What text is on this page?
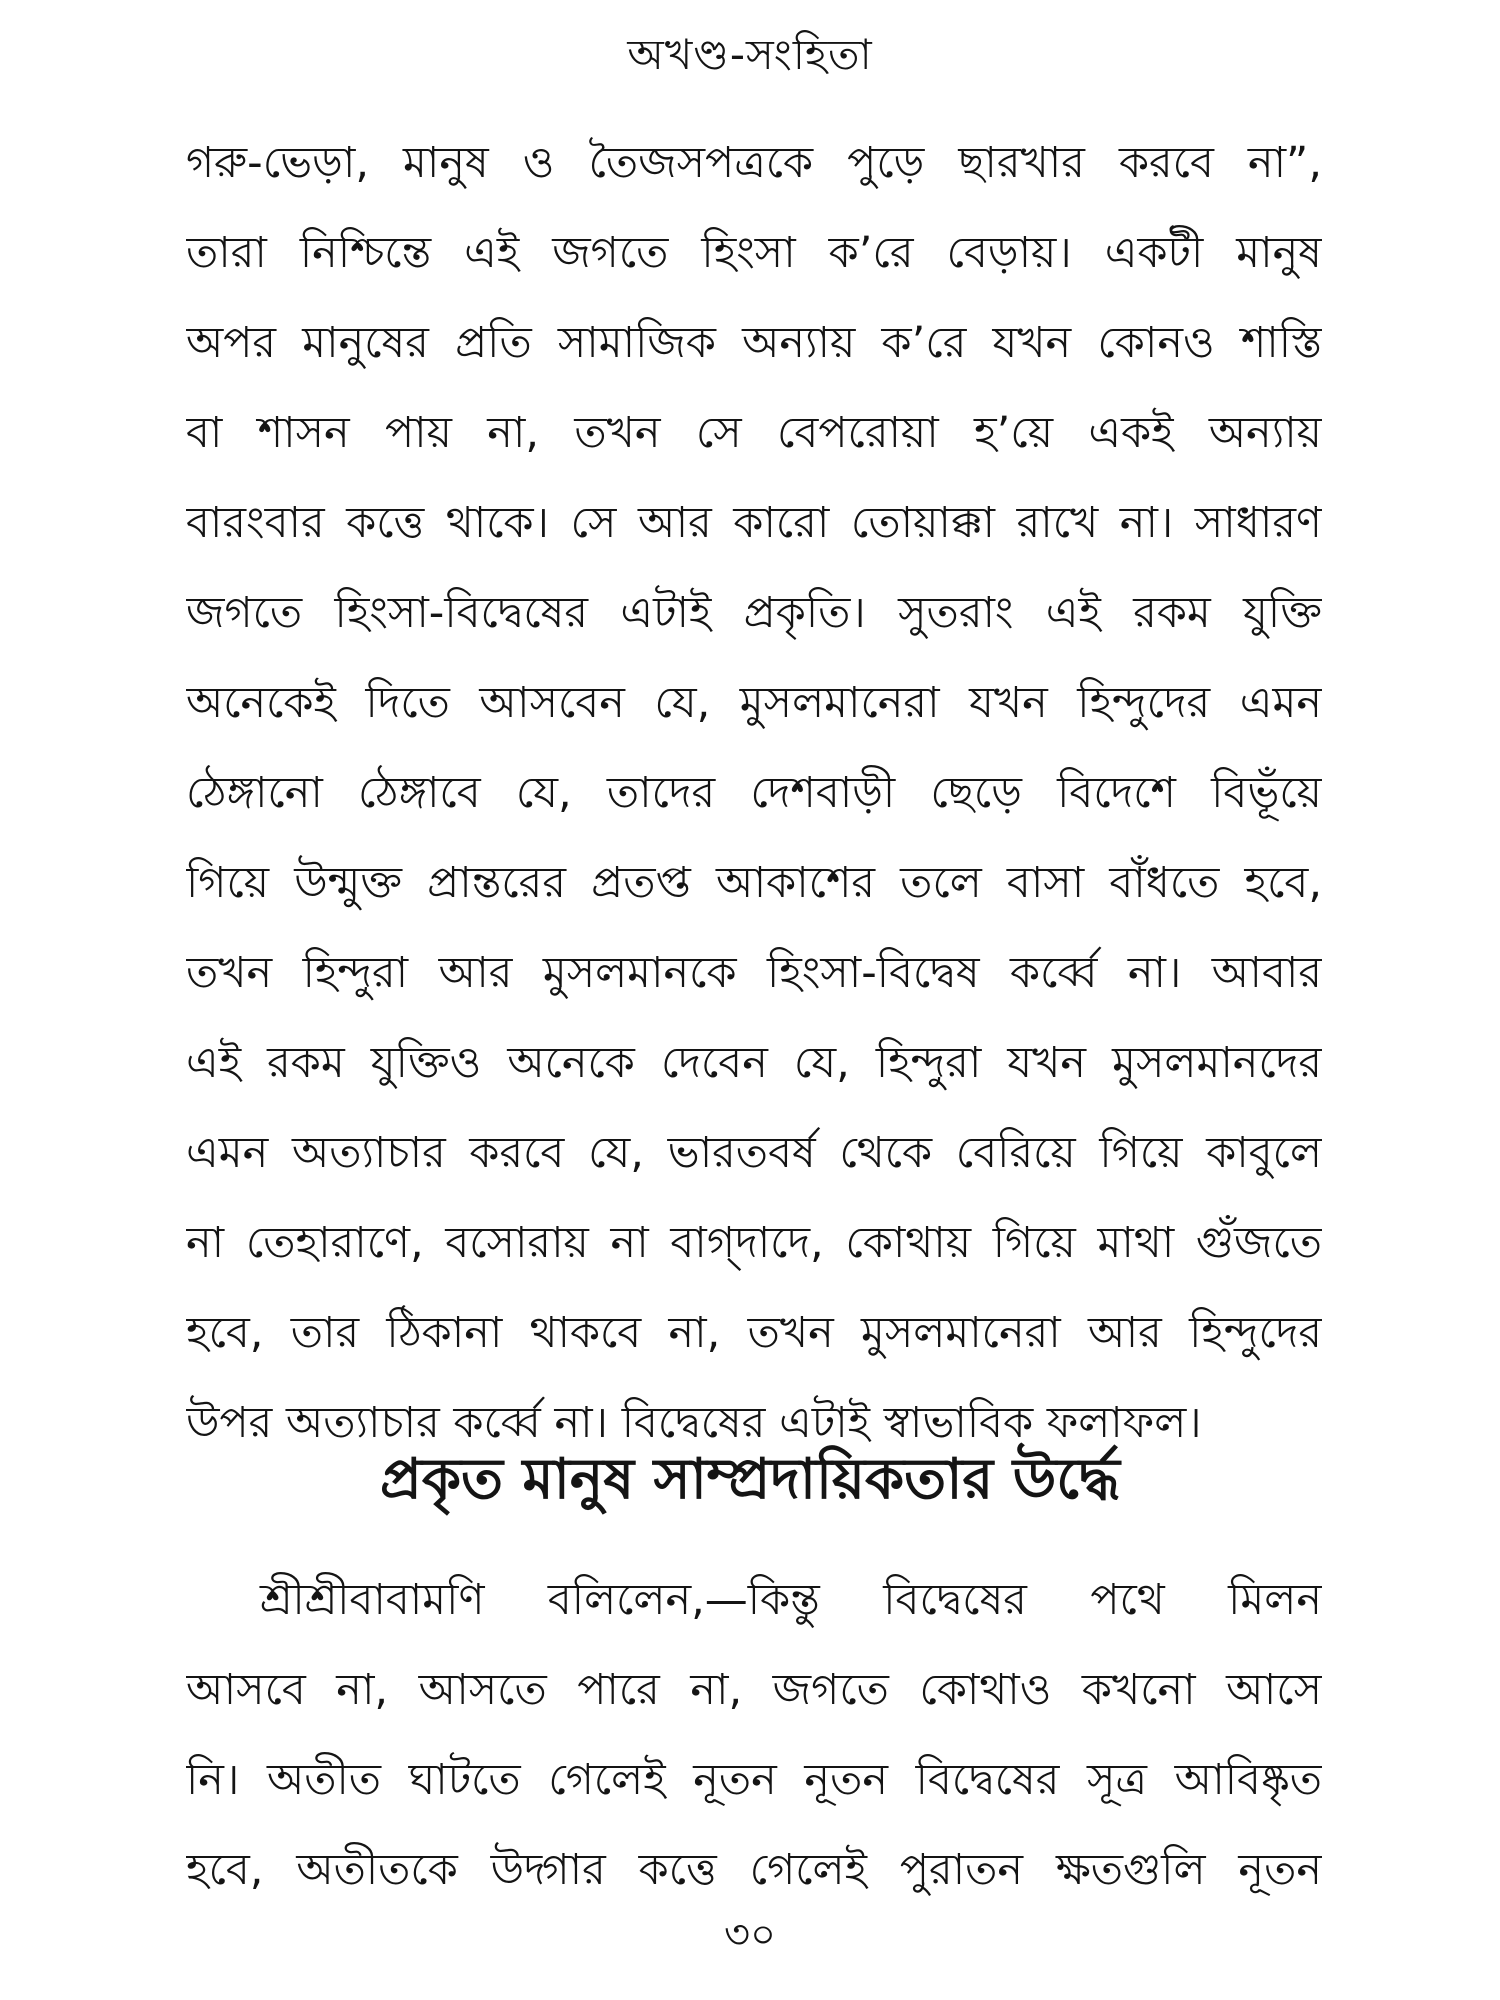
অখণ্ড-সংহিতা
গরু-ভেড়া, মানুষ ও তৈজসপত্রকে পুড়ে ছারখার করবে না”,
তারা নিশ্চিন্তে এই জগতে হিংসা ক’রে বেড়ায়। একটী মানুষ
অপর মানুষের প্রতি সামাজিক অন্যায় ক’রে যখন কোনও শাস্তি
বা শাসন পায় না, তখন সে বেপরোয়া হ’য়ে একই অন্যায়
বারংবার কত্তে থাকে। সে আর কারো তোয়াক্কা রাখে না। সাধারণ
জগতে হিংসা-বিদ্বেষের এটাই প্রকৃতি। সুতরাং এই রকম যুক্তি
অনেকেই দিতে আসবেন যে, মুসলমানেরা যখন হিন্দুদের এমন
ঠেঙ্গানো ঠেঙ্গাবে যে, তাদের দেশবাড়ী ছেড়ে বিদেশে বিভূঁয়ে
গিয়ে উন্মুক্ত প্রান্তরের প্রতপ্ত আকাশের তলে বাসা বাঁধতে হবে,
তখন হিন্দুরা আর মুসলমানকে হিংসা-বিদ্বেষ কর্ব্বে না। আবার
এই রকম যুক্তিও অনেকে দেবেন যে, হিন্দুরা যখন মুসলমানদের
এমন অত্যাচার করবে যে, ভারতবর্ষ থেকে বেরিয়ে গিয়ে কাবুলে
না তেহারাণে, বসোরায় না বাগ্‌দাদে, কোথায় গিয়ে মাথা গুঁজতে
হবে, তার ঠিকানা থাকবে না, তখন মুসলমানেরা আর হিন্দুদের
উপর অত্যাচার কর্ব্বে না। বিদ্বেষের এটাই স্বাভাবিক ফলাফল।
প্রকৃত মানুষ সাম্প্রদায়িকতার উর্দ্ধে
শ্রীশ্রীবাবামণি বলিলেন,—কিন্তু বিদ্বেষের পথে মিলন
আসবে না, আসতে পারে না, জগতে কোথাও কখনো আসে
নি। অতীত ঘাটতে গেলেই নূতন নূতন বিদ্বেষের সূত্র আবিষ্কৃত
হবে, অতীতকে উদ্গার কত্তে গেলেই পুরাতন ক্ষতগুলি নূতন
৩০
